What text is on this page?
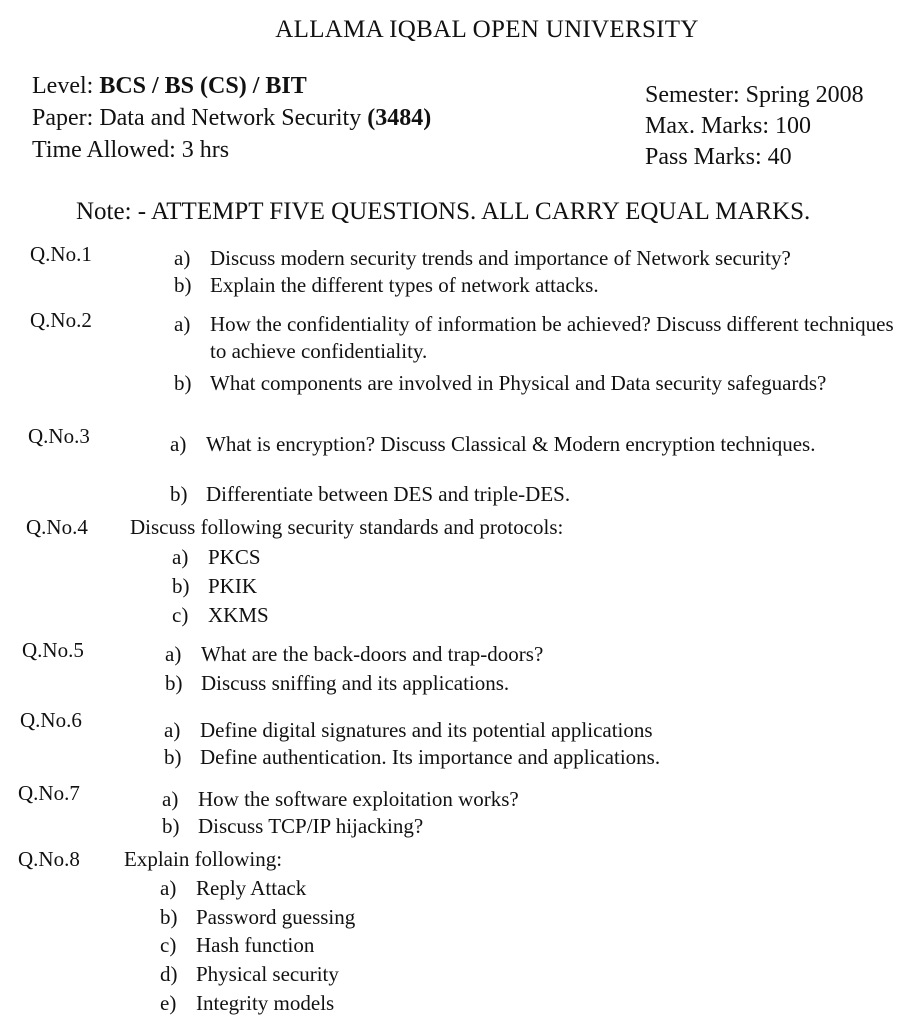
ALLAMA IQBAL OPEN UNIVERSITY
Level: BCS / BS (CS) / BIT
Paper: Data and Network Security (3484)
Time Allowed: 3 hrs
Semester: Spring 2008
Max. Marks: 100
Pass Marks: 40
Note: - ATTEMPT FIVE QUESTIONS. ALL CARRY EQUAL MARKS.
Q.No.1	a) Discuss modern security trends and importance of Network security?
b) Explain the different types of network attacks.
Q.No.2	a) How the confidentiality of information be achieved? Discuss different techniques to achieve confidentiality.
b) What components are involved in Physical and Data security safeguards?
Q.No.3	a) What is encryption? Discuss Classical & Modern encryption techniques.
b) Differentiate between DES and triple-DES.
Q.No.4 Discuss following security standards and protocols:
a) PKCS
b) PKIK
c) XKMS
Q.No.5	a) What are the back-doors and trap-doors?
b) Discuss sniffing and its applications.
Q.No.6	a) Define digital signatures and its potential applications
b) Define authentication. Its importance and applications.
Q.No.7	a) How the software exploitation works?
b) Discuss TCP/IP hijacking?
Q.No.8 Explain following:
a) Reply Attack
b) Password guessing
c) Hash function
d) Physical security
e) Integrity models
